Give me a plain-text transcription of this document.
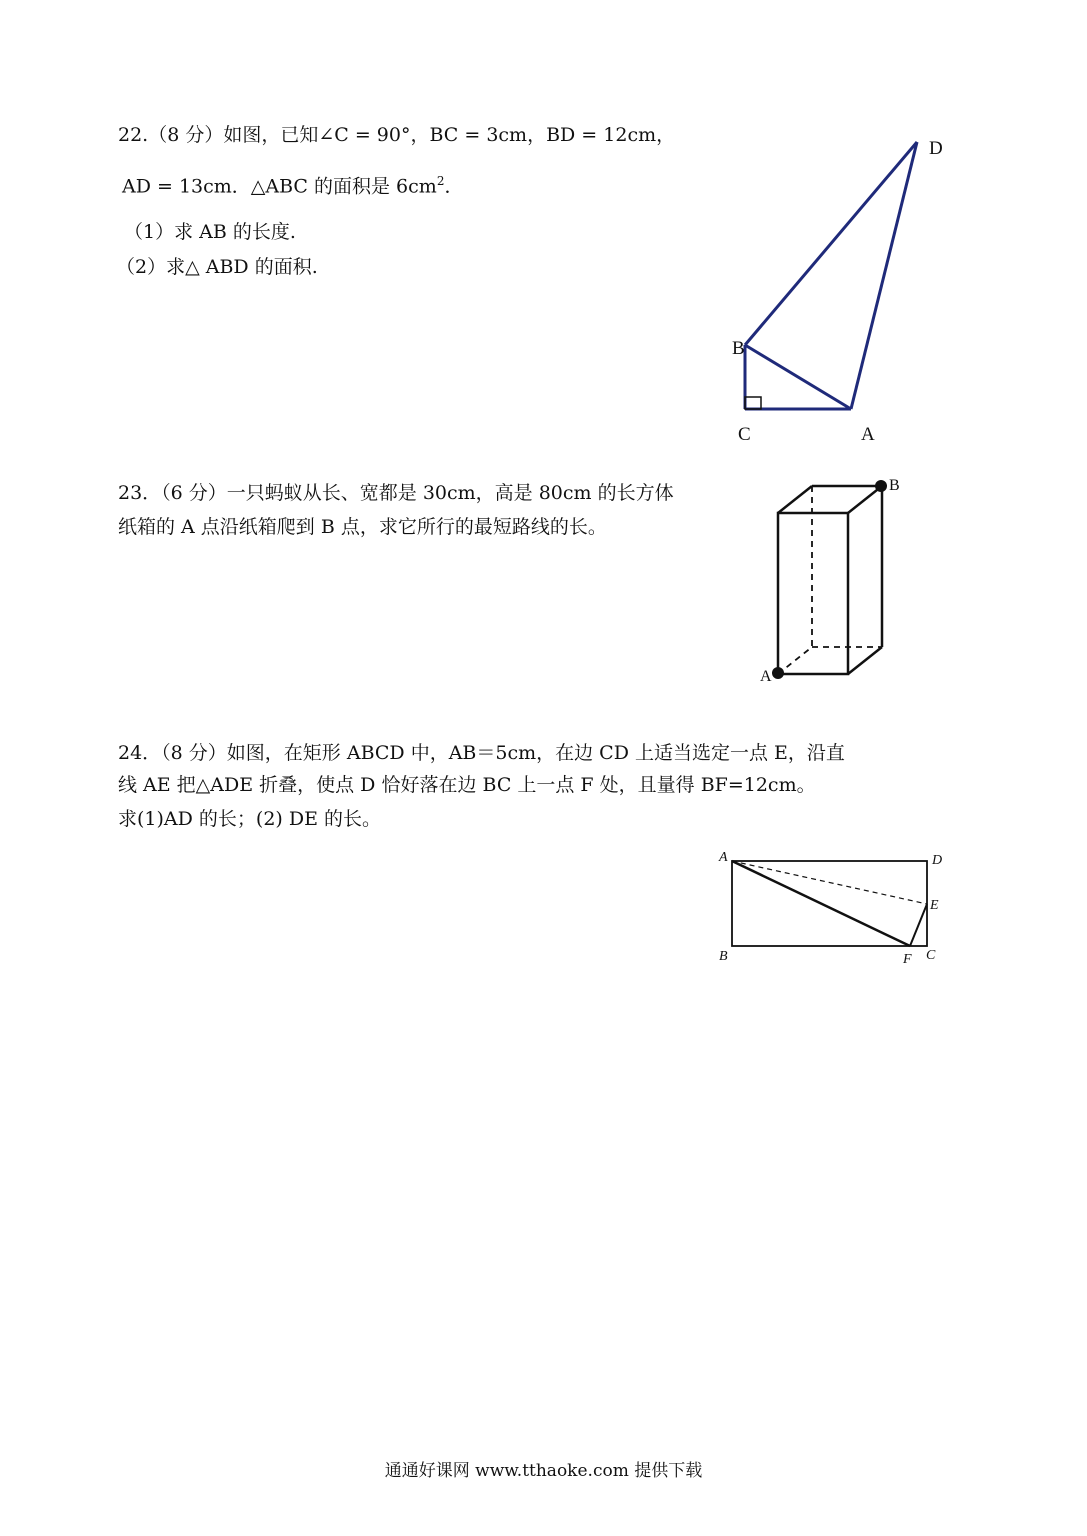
22.（8 分）如图，已知∠C = 90°，BC = 3cm，BD = 12cm，
AD = 13cm．△ABC 的面积是 $6cm^2$．
（1）求 AB 的长度.
（2）求△ ABD 的面积.
D
B
C	A
A
B
A	D
E
B	F C
23．（6 分）一只蚂蚁从长、宽都是 30cm，高是 80cm 的长方体
纸箱的 A 点沿纸箱爬到 B 点，求它所行的最短路线的长。
24．（8 分）如图，在矩形 ABCD 中，AB＝5cm，在边 CD 上适当选定一点 E，沿直
线 AE 把△ADE 折叠，使点 D 恰好落在边 BC 上一点 F 处，且量得 BF=12cm。
求(1)AD 的长；(2) DE 的长。
通通好课网 www.tthaoke.com 提供下载
